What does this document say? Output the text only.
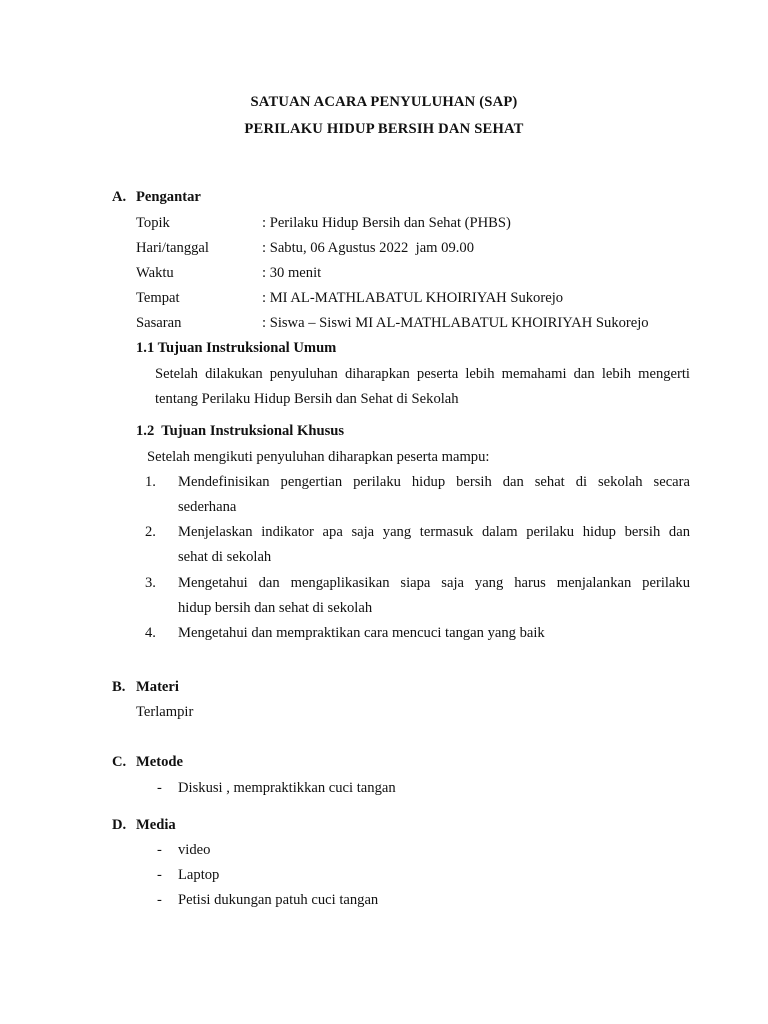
SATUAN ACARA PENYULUHAN (SAP)
PERILAKU HIDUP BERSIH DAN SEHAT
A. Pengantar
Topik	: Perilaku Hidup Bersih dan Sehat (PHBS)
Hari/tanggal	: Sabtu, 06 Agustus 2022  jam 09.00
Waktu	: 30 menit
Tempat	: MI AL-MATHLABATUL KHOIRIYAH Sukorejo
Sasaran	: Siswa – Siswi MI AL-MATHLABATUL KHOIRIYAH Sukorejo
1.1 Tujuan Instruksional Umum
Setelah dilakukan penyuluhan diharapkan peserta lebih memahami dan lebih mengerti
tentang Perilaku Hidup Bersih dan Sehat di Sekolah
1.2  Tujuan Instruksional Khusus
Setelah mengikuti penyuluhan diharapkan peserta mampu:
1. Mendefinisikan pengertian perilaku hidup bersih dan sehat di sekolah secara
sederhana
2. Menjelaskan indikator apa saja yang termasuk dalam perilaku hidup bersih dan
sehat di sekolah
3. Mengetahui dan mengaplikasikan siapa saja yang harus menjalankan perilaku
hidup bersih dan sehat di sekolah
4. Mengetahui dan mempraktikan cara mencuci tangan yang baik
B. Materi
Terlampir
C. Metode
- Diskusi , mempraktikkan cuci tangan
D. Media
- video
- Laptop
- Petisi dukungan patuh cuci tangan
